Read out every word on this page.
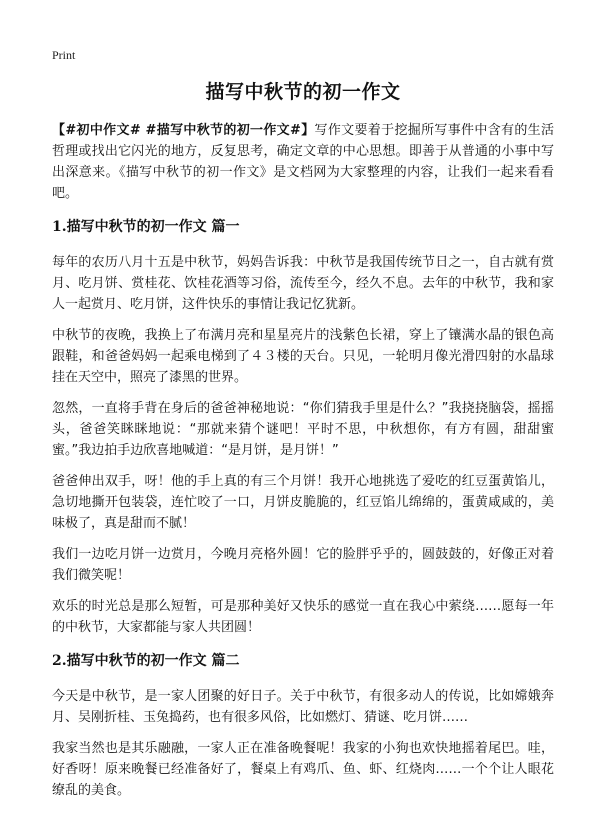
Print
描写中秋节的初一作文

【#初中作文# #描写中秋节的初一作文#】写作文要着于挖掘所写事件中含有的生活哲理或找出它闪光的地方，反复思考，确定文章的中心思想。即善于从普通的小事中写出深意来。《描写中秋节的初一作文》是文档网为大家整理的内容，让我们一起来看看吧。

1.描写中秋节的初一作文 篇一

每年的农历八月十五是中秋节，妈妈告诉我：中秋节是我国传统节日之一，自古就有赏月、吃月饼、赏桂花、饮桂花酒等习俗，流传至今，经久不息。去年的中秋节，我和家人一起赏月、吃月饼，这件快乐的事情让我记忆犹新。

中秋节的夜晚，我换上了布满月亮和星星亮片的浅紫色长裙，穿上了镶满水晶的银色高跟鞋，和爸爸妈妈一起乘电梯到了４３楼的天台。只见，一轮明月像光滑四射的水晶球挂在天空中，照亮了漆黑的世界。

忽然，一直将手背在身后的爸爸神秘地说：“你们猜我手里是什么？”我挠挠脑袋，摇摇头，爸爸笑眯眯地说：“那就来猜个谜吧！平时不思，中秋想你，有方有圆，甜甜蜜蜜。”我边拍手边欣喜地喊道：“是月饼，是月饼！”

爸爸伸出双手，呀！他的手上真的有三个月饼！我开心地挑选了爱吃的红豆蛋黄馅儿，急切地撕开包装袋，连忙咬了一口，月饼皮脆脆的，红豆馅儿绵绵的，蛋黄咸咸的，美味极了，真是甜而不腻！

我们一边吃月饼一边赏月，今晚月亮格外圆！它的脸胖乎乎的，圆鼓鼓的，好像正对着我们微笑呢！

欢乐的时光总是那么短暂，可是那种美好又快乐的感觉一直在我心中萦绕……愿每一年的中秋节，大家都能与家人共团圆！

2.描写中秋节的初一作文 篇二

今天是中秋节，是一家人团聚的好日子。关于中秋节，有很多动人的传说，比如嫦娥奔月、吴刚折桂、玉兔捣药，也有很多风俗，比如燃灯、猜谜、吃月饼……

我家当然也是其乐融融，一家人正在准备晚餐呢！我家的小狗也欢快地摇着尾巴。哇，好香呀！原来晚餐已经准备好了，餐桌上有鸡爪、鱼、虾、红烧肉……一个个让人眼花缭乱的美食。
